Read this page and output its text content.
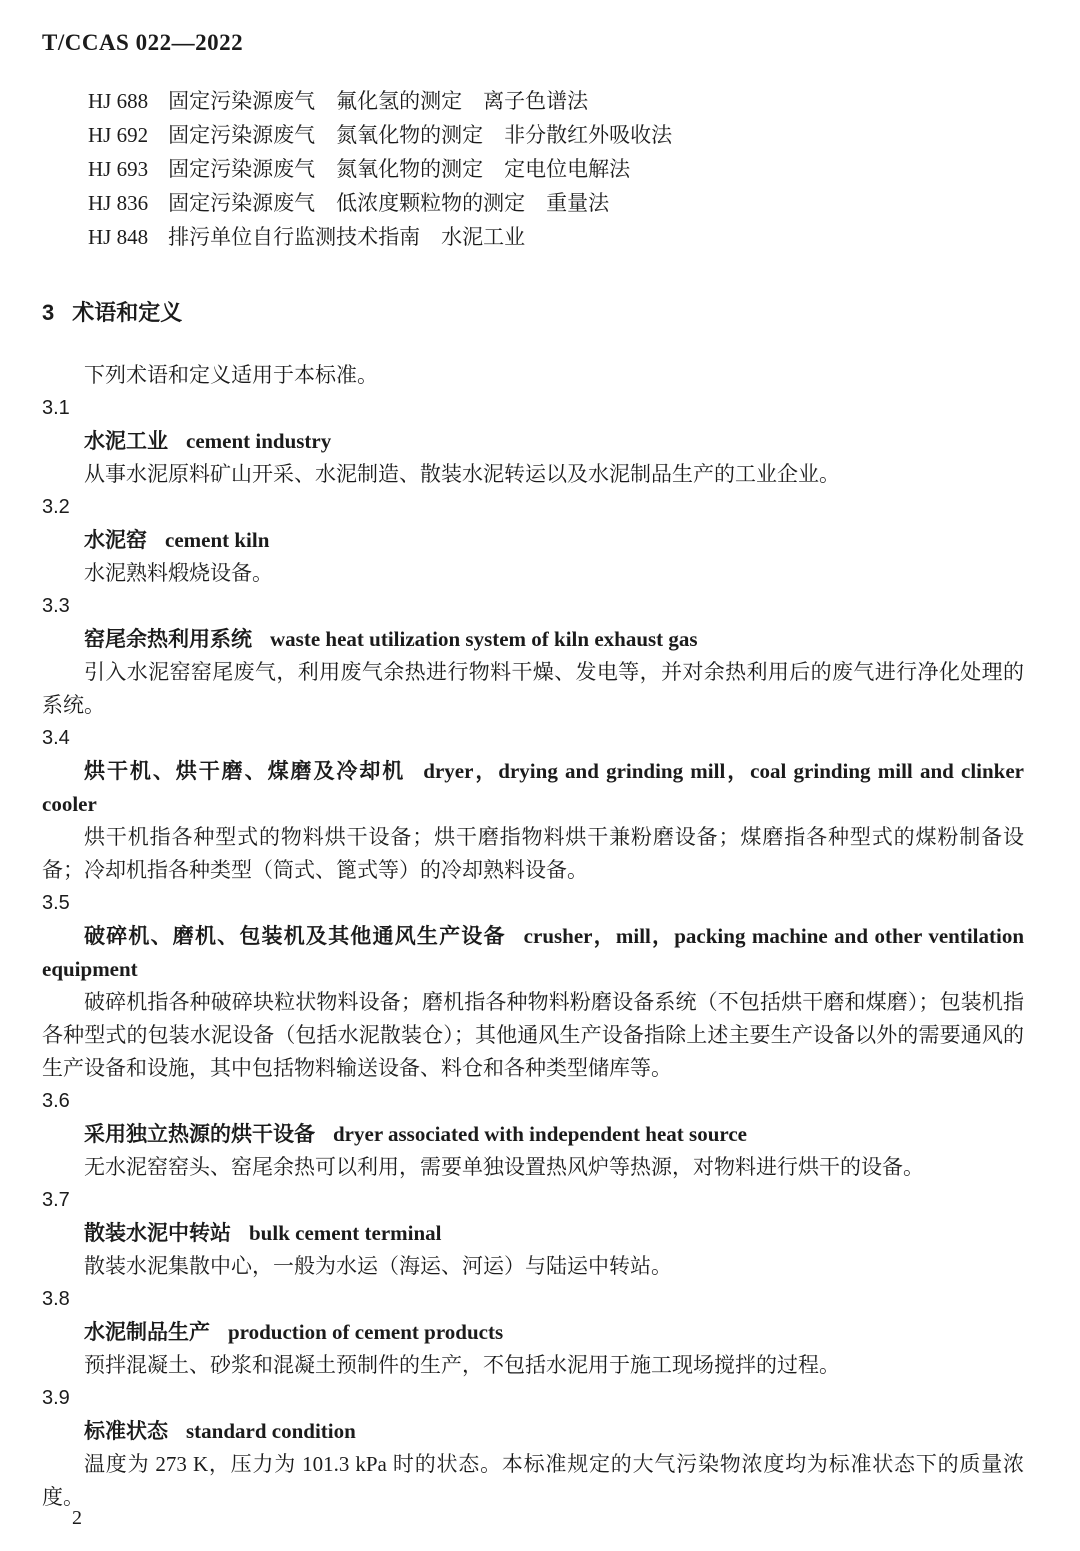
T/CCAS 022—2022
HJ 688 固定污染源废气　氟化氢的测定　离子色谱法
HJ 692 固定污染源废气　氮氧化物的测定　非分散红外吸收法
HJ 693 固定污染源废气　氮氧化物的测定　定电位电解法
HJ 836 固定污染源废气　低浓度颗粒物的测定　重量法
HJ 848 排污单位自行监测技术指南　水泥工业
3 术语和定义

下列术语和定义适用于本标准。

3.1

水泥工业 cement industry

从事水泥原料矿山开采、水泥制造、散装水泥转运以及水泥制品生产的工业企业。

3.2

水泥窑 cement kiln

水泥熟料煅烧设备。

3.3

窑尾余热利用系统 waste heat utilization system of kiln exhaust gas

引入水泥窑窑尾废气，利用废气余热进行物料干燥、发电等，并对余热利用后的废气进行净化处理的系统。

3.4

烘干机、烘干磨、煤磨及冷却机 dryer，drying and grinding mill，coal grinding mill and clinker cooler

烘干机指各种型式的物料烘干设备；烘干磨指物料烘干兼粉磨设备；煤磨指各种型式的煤粉制备设备；冷却机指各种类型（筒式、篦式等）的冷却熟料设备。

3.5

破碎机、磨机、包装机及其他通风生产设备 crusher，mill，packing machine and other ventilation equipment

破碎机指各种破碎块粒状物料设备；磨机指各种物料粉磨设备系统（不包括烘干磨和煤磨）；包装机指各种型式的包装水泥设备（包括水泥散装仓）；其他通风生产设备指除上述主要生产设备以外的需要通风的生产设备和设施，其中包括物料输送设备、料仓和各种类型储库等。

3.6

采用独立热源的烘干设备 dryer associated with independent heat source

无水泥窑窑头、窑尾余热可以利用，需要单独设置热风炉等热源，对物料进行烘干的设备。

3.7

散装水泥中转站 bulk cement terminal

散装水泥集散中心，一般为水运（海运、河运）与陆运中转站。

3.8

水泥制品生产 production of cement products

预拌混凝土、砂浆和混凝土预制件的生产，不包括水泥用于施工现场搅拌的过程。

3.9

标准状态 standard condition

温度为 273 K，压力为 101.3 kPa 时的状态。本标准规定的大气污染物浓度均为标准状态下的质量浓度。

2
